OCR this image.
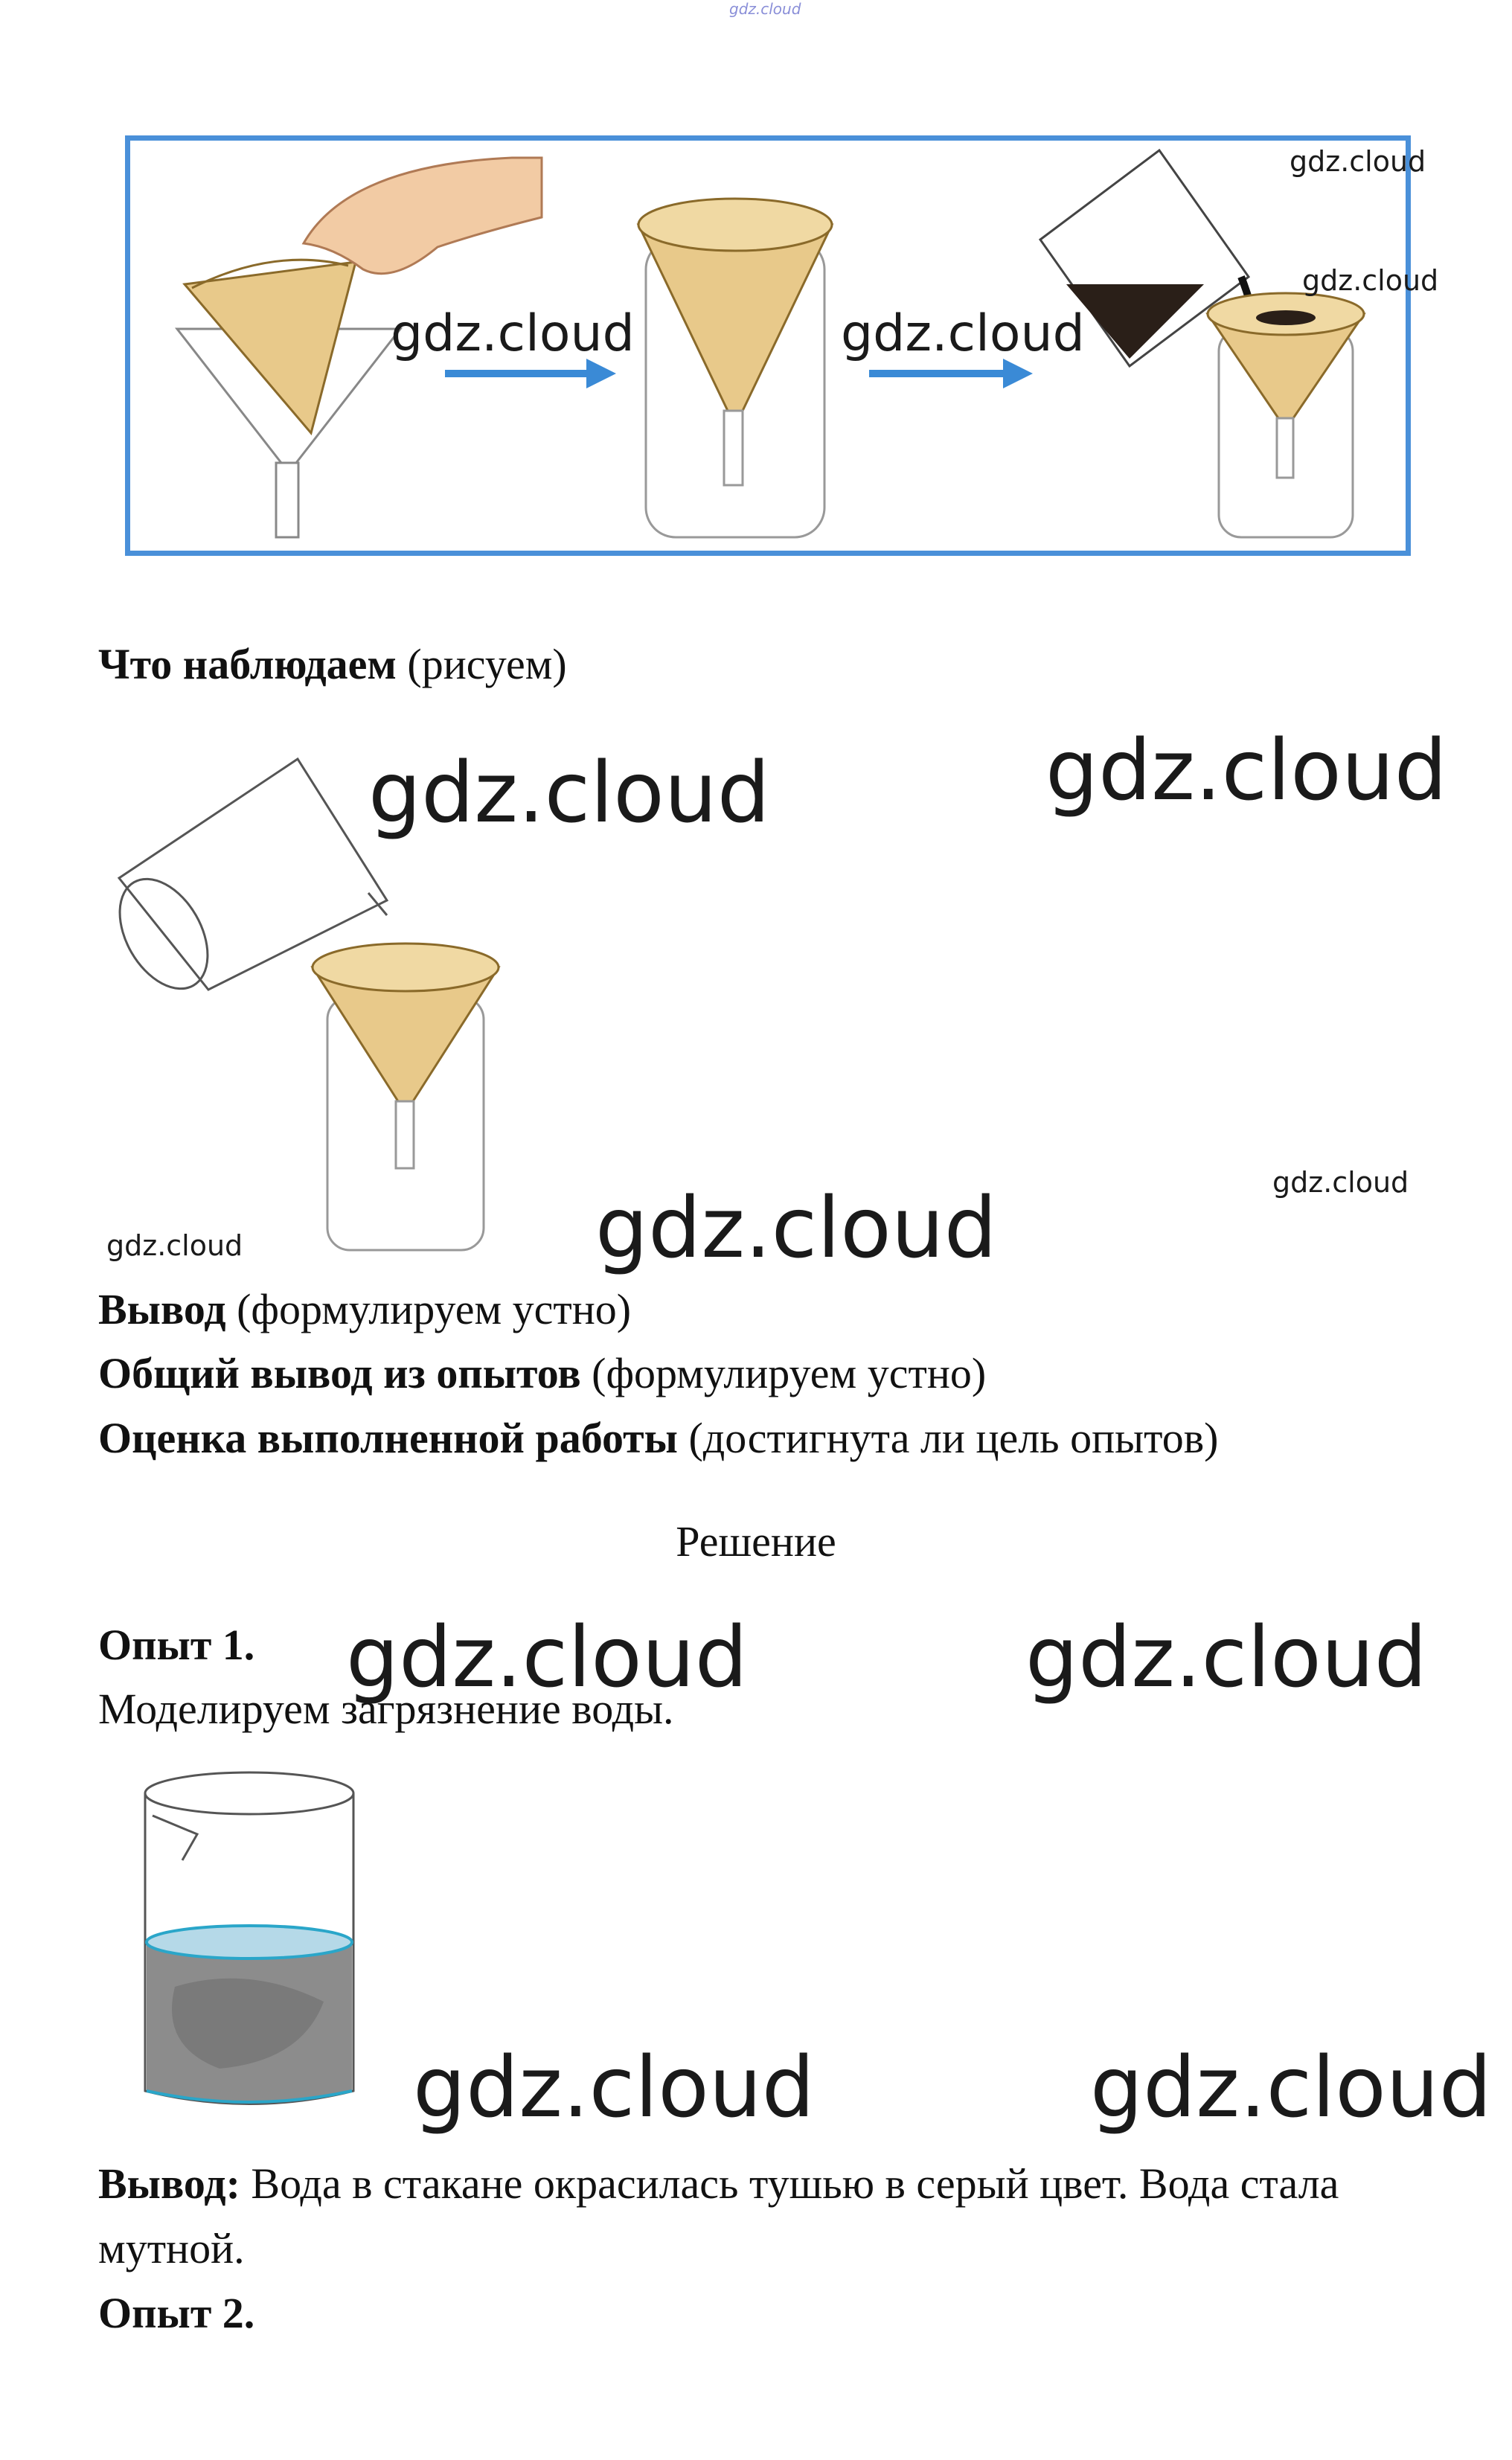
gdz.cloud
gdz.cloud	gdz.cloud
gdz.cloud
gdz.cloud
Что наблюдаем (рисуем)
gdz.cloud	gdz.cloud
gdz.cloud
gdz.cloud	gdz.cloud
Вывод (формулируем устно)
Общий вывод из опытов (формулируем устно)
Оценка выполненной работы (достигнута ли цель опытов)
Решение
Опыт 1.
Моделируем загрязнение воды.
gdz.cloud	gdz.cloud
gdz.cloud	gdz.cloud
Вывод: Вода в стакане окрасилась тушью в серый цвет. Вода стала
мутной.
Опыт 2.
